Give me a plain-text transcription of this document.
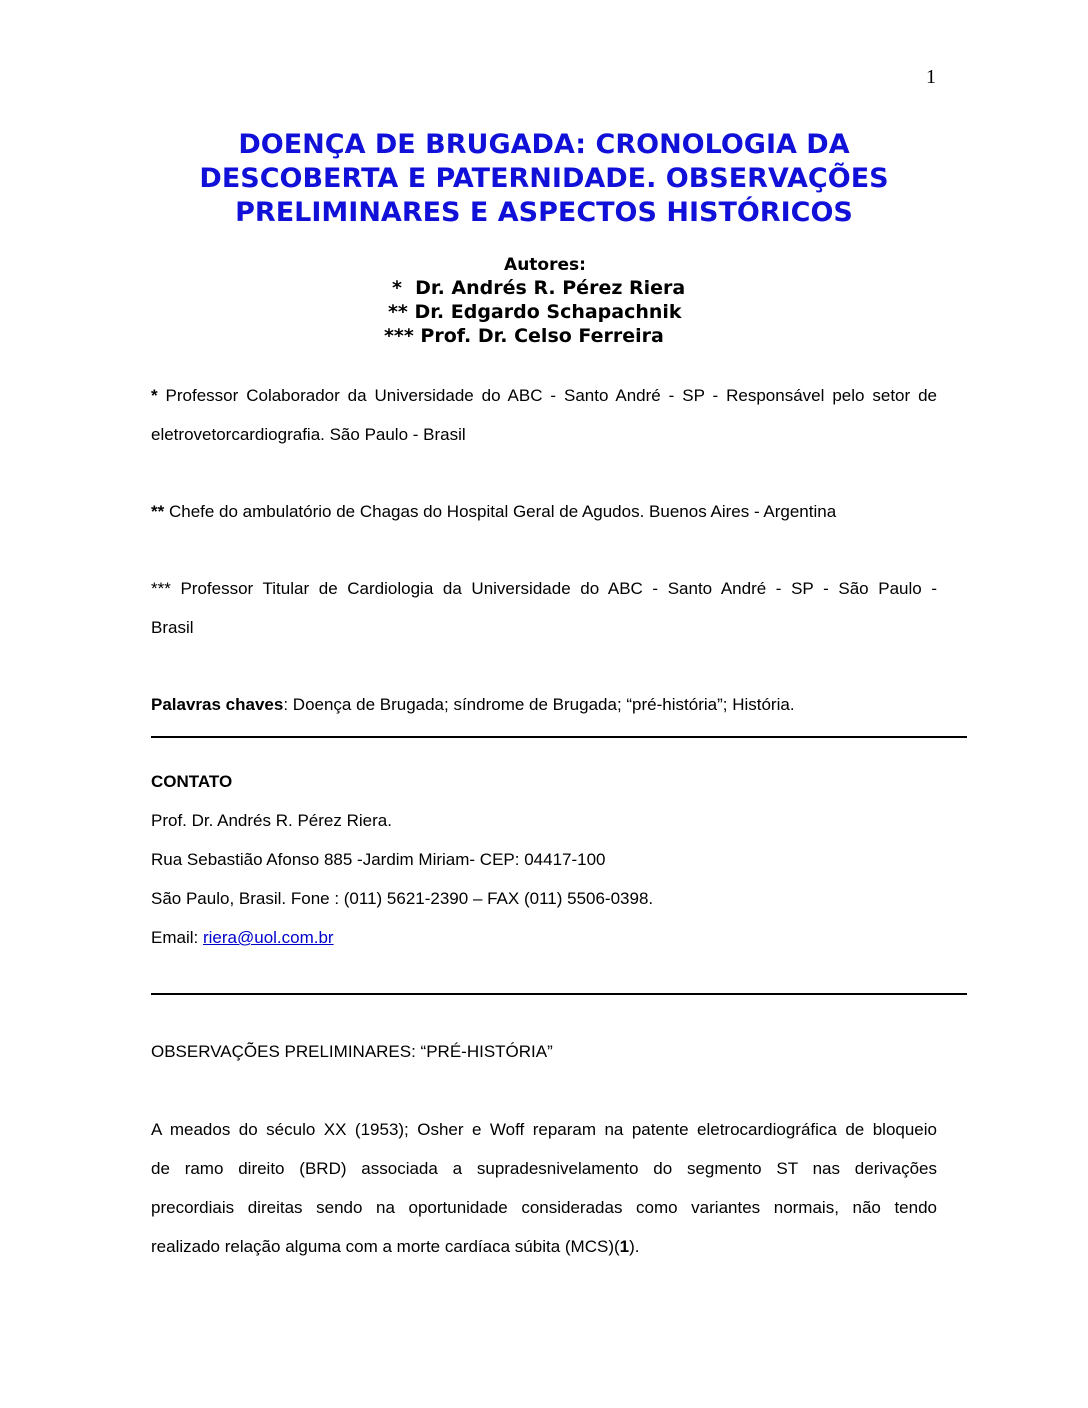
1
DOENÇA DE BRUGADA: CRONOLOGIA DA
DESCOBERTA E PATERNIDADE. OBSERVAÇÕES
PRELIMINARES E ASPECTOS HISTÓRICOS
Autores:
*  Dr. Andrés R. Pérez Riera
** Dr. Edgardo Schapachnik
*** Prof. Dr. Celso Ferreira
* Professor Colaborador da Universidade do ABC - Santo André - SP - Responsável pelo setor de
eletrovetorcardiografia. São Paulo - Brasil
** Chefe do ambulatório de Chagas do Hospital Geral de Agudos. Buenos Aires - Argentina
*** Professor Titular de Cardiologia da Universidade do ABC - Santo André - SP - São Paulo -
Brasil
Palavras chaves: Doença de Brugada; síndrome de Brugada; “pré-história”; História.
CONTATO
Prof. Dr. Andrés R. Pérez Riera.
Rua Sebastião Afonso 885 -Jardim Miriam- CEP: 04417-100
São Paulo, Brasil. Fone : (011) 5621-2390 – FAX (011) 5506-0398.
Email: riera@uol.com.br
OBSERVAÇÕES PRELIMINARES: “PRÉ-HISTÓRIA”
A meados do século XX (1953); Osher e Woff reparam na patente eletrocardiográfica de bloqueio
de ramo direito (BRD) associada a supradesnivelamento do segmento ST nas derivações
precordiais direitas sendo na oportunidade consideradas como variantes normais, não tendo
realizado relação alguma com a morte cardíaca súbita (MCS)(1).
